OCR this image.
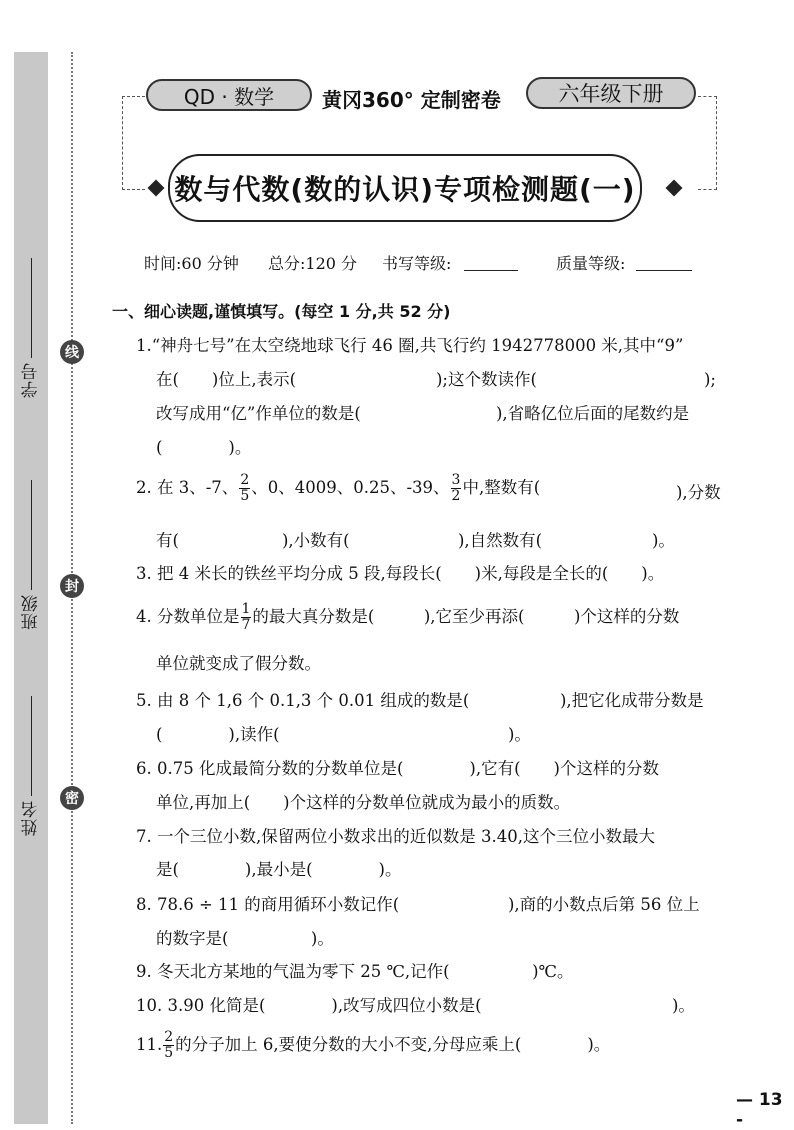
学号
班级
姓名
线
封
密
QD · 数学	黄冈360° 定制密卷	六年级下册
数与代数(数的认识)专项检测题(一)
时间:60 分钟 总分:120 分 书写等级:	质量等级:
一、细心读题,谨慎填写。(每空 1 分,共 52 分)
1.“神舟七号”在太空绕地球飞行 46 圈,共飞行约 1942778000 米,其中“9”
在(　　)位上,表示(	);这个数读作(	);
改写成用“亿”作单位的数是(	),省略亿位后面的尾数约是
(　　　　)。
2. 在 3、-7、 $\frac{2}{5}$ 、0、4009、0.25、-39、 $\frac{3}{2}$ 中,整数有(	),分数
有(	),小数有(	),自然数有(	)。
3. 把 4 米长的铁丝平均分成 5 段,每段长(　　)米,每段是全长的(　　)。
4. 分数单位是 $\frac{1}{7}$ 的最大真分数是(　　　),它至少再添(　　　)个这样的分数
单位就变成了假分数。
5. 由 8 个 1,6 个 0.1,3 个 0.01 组成的数是(	),把它化成带分数是
(　　　　),读作(	)。
6. 0.75 化成最简分数的分数单位是(　　　　),它有(　　)个这样的分数
单位,再加上(　　)个这样的分数单位就成为最小的质数。
7. 一个三位小数,保留两位小数求出的近似数是 3.40,这个三位小数最大
是(　　　　),最小是(　　　　)。
8. 78.6 ÷ 11 的商用循环小数记作(	),商的小数点后第 56 位上
的数字是(　　　　　)。
9. 冬天北方某地的气温为零下 25 ℃,记作(　　　　　)℃。
10. 3.90 化简是(　　　　),改写成四位小数是(	)。
11. $\frac{2}{5}$ 的分子加上 6,要使分数的大小不变,分母应乘上(　　　　)。
— 13 -
